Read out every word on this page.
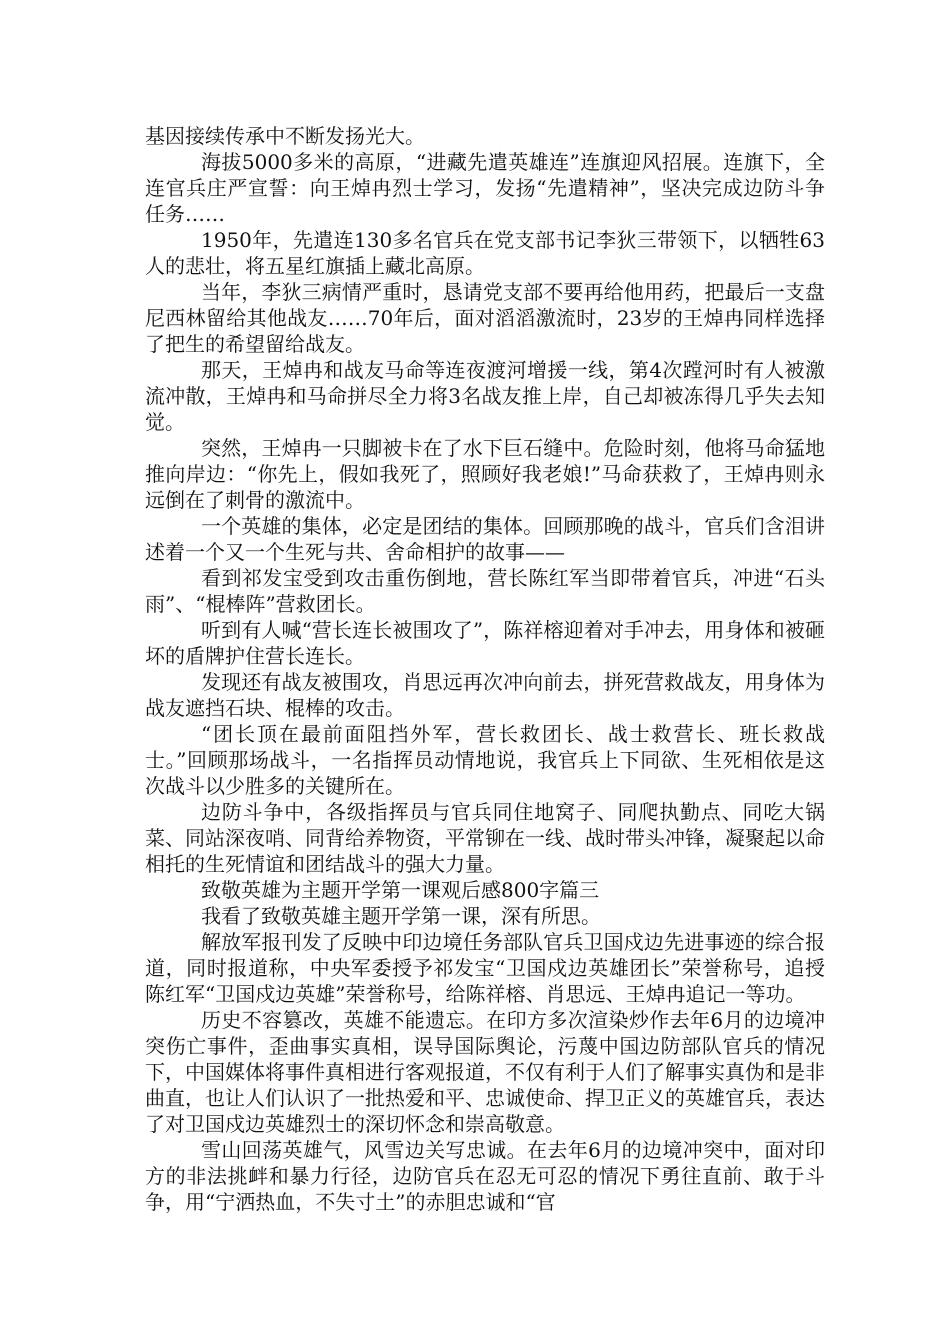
基因接续传承中不断发扬光大。

海拔5000多米的高原，“进藏先遣英雄连”连旗迎风招展。连旗下，全连官兵庄严宣誓：向王焯冉烈士学习，发扬“先遣精神”，坚决完成边防斗争任务……

1950年，先遣连130多名官兵在党支部书记李狄三带领下，以牺牲63人的悲壮，将五星红旗插上藏北高原。

当年，李狄三病情严重时，恳请党支部不要再给他用药，把最后一支盘尼西林留给其他战友……70年后，面对滔滔激流时，23岁的王焯冉同样选择了把生的希望留给战友。

那天，王焯冉和战友马命等连夜渡河增援一线，第4次蹚河时有人被激流冲散，王焯冉和马命拼尽全力将3名战友推上岸，自己却被冻得几乎失去知觉。

突然，王焯冉一只脚被卡在了水下巨石缝中。危险时刻，他将马命猛地推向岸边：“你先上，假如我死了，照顾好我老娘!”马命获救了，王焯冉则永远倒在了刺骨的激流中。

一个英雄的集体，必定是团结的集体。回顾那晚的战斗，官兵们含泪讲述着一个又一个生死与共、舍命相护的故事——

看到祁发宝受到攻击重伤倒地，营长陈红军当即带着官兵，冲进“石头雨”、“棍棒阵”营救团长。

听到有人喊“营长连长被围攻了”，陈祥榕迎着对手冲去，用身体和被砸坏的盾牌护住营长连长。

发现还有战友被围攻，肖思远再次冲向前去，拼死营救战友，用身体为战友遮挡石块、棍棒的攻击。

“团长顶在最前面阻挡外军，营长救团长、战士救营长、班长救战士。”回顾那场战斗，一名指挥员动情地说，我官兵上下同欲、生死相依是这次战斗以少胜多的关键所在。

边防斗争中，各级指挥员与官兵同住地窝子、同爬执勤点、同吃大锅菜、同站深夜哨、同背给养物资，平常铆在一线、战时带头冲锋，凝聚起以命相托的生死情谊和团结战斗的强大力量。

致敬英雄为主题开学第一课观后感800字篇三

我看了致敬英雄主题开学第一课，深有所思。

解放军报刊发了反映中印边境任务部队官兵卫国戍边先进事迹的综合报道，同时报道称，中央军委授予祁发宝“卫国戍边英雄团长”荣誉称号，追授陈红军“卫国戍边英雄”荣誉称号，给陈祥榕、肖思远、王焯冉追记一等功。

历史不容篡改，英雄不能遗忘。在印方多次渲染炒作去年6月的边境冲突伤亡事件，歪曲事实真相，误导国际舆论，污蔑中国边防部队官兵的情况下，中国媒体将事件真相进行客观报道，不仅有利于人们了解事实真伪和是非曲直，也让人们认识了一批热爱和平、忠诚使命、捍卫正义的英雄官兵，表达了对卫国戍边英雄烈士的深切怀念和崇高敬意。

雪山回荡英雄气，风雪边关写忠诚。在去年6月的边境冲突中，面对印方的非法挑衅和暴力行径，边防官兵在忍无可忍的情况下勇往直前、敢于斗争，用“宁洒热血，不失寸土”的赤胆忠诚和“官
